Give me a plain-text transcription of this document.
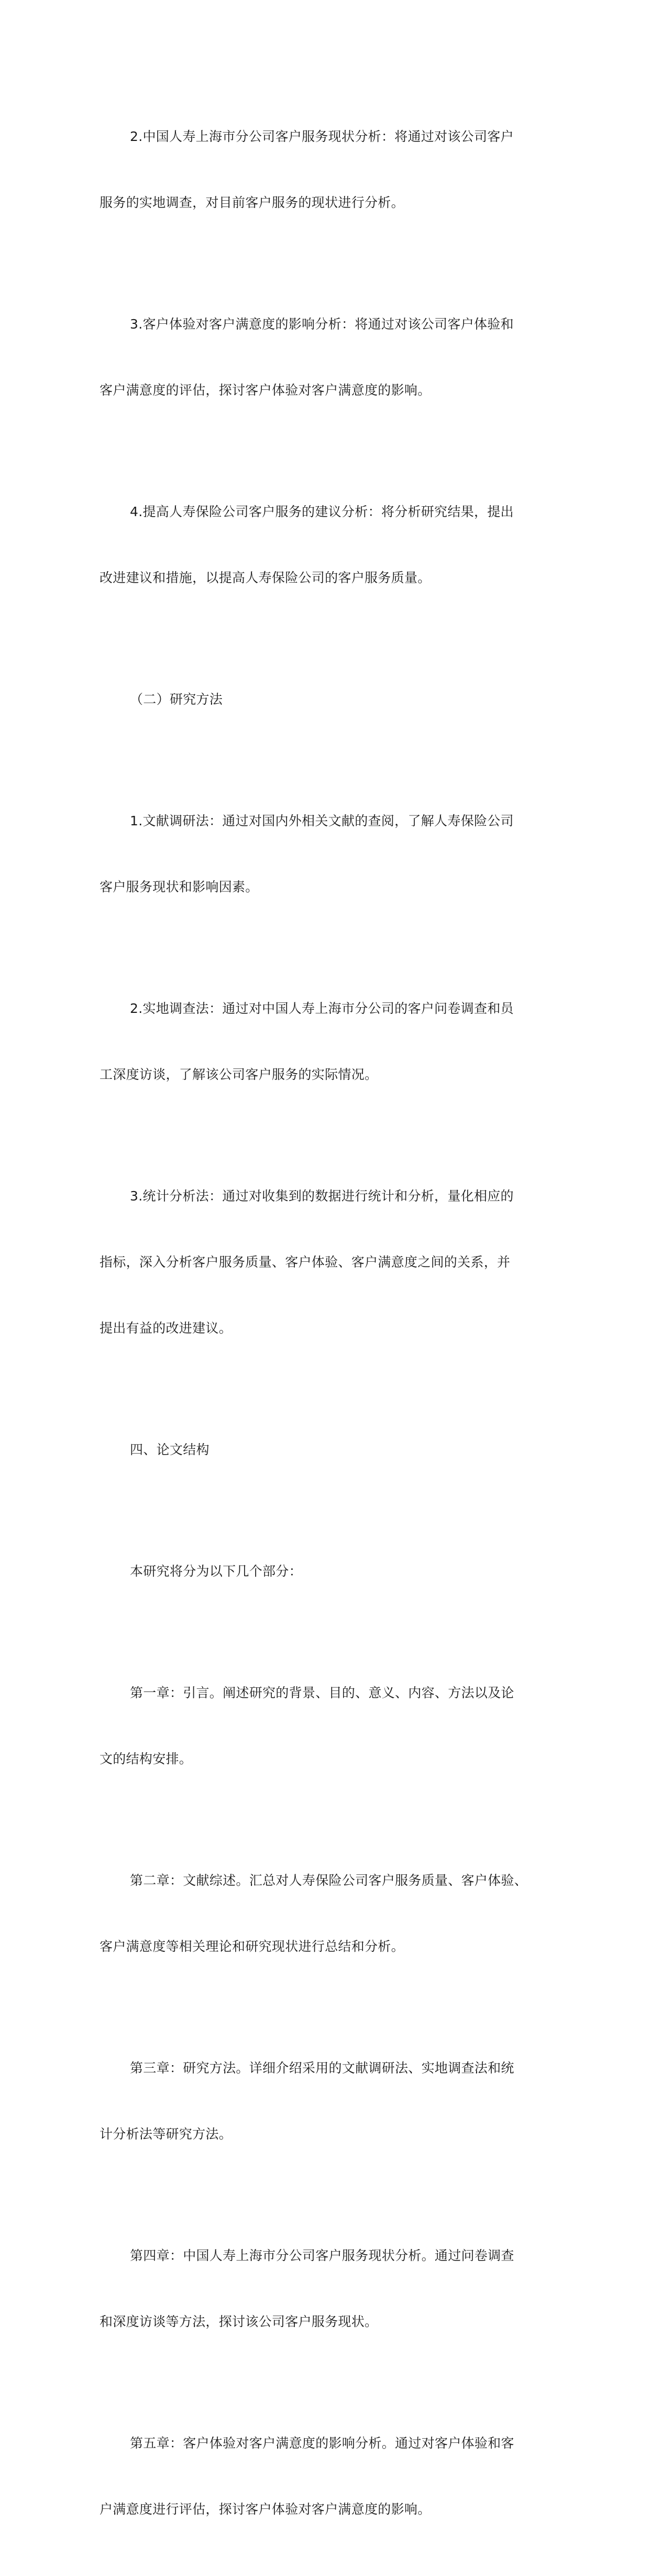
2.中国人寿上海市分公司客户服务现状分析：将通过对该公司客户

服务的实地调查，对目前客户服务的现状进行分析。

3.客户体验对客户满意度的影响分析：将通过对该公司客户体验和

客户满意度的评估，探讨客户体验对客户满意度的影响。

4.提高人寿保险公司客户服务的建议分析：将分析研究结果，提出

改进建议和措施，以提高人寿保险公司的客户服务质量。

（二）研究方法

1.文献调研法：通过对国内外相关文献的查阅，了解人寿保险公司

客户服务现状和影响因素。

2.实地调查法：通过对中国人寿上海市分公司的客户问卷调查和员

工深度访谈，了解该公司客户服务的实际情况。

3.统计分析法：通过对收集到的数据进行统计和分析，量化相应的

指标，深入分析客户服务质量、客户体验、客户满意度之间的关系，并

提出有益的改进建议。

四、论文结构

本研究将分为以下几个部分：

第一章：引言。阐述研究的背景、目的、意义、内容、方法以及论

文的结构安排。

第二章：文献综述。汇总对人寿保险公司客户服务质量、客户体验、

客户满意度等相关理论和研究现状进行总结和分析。

第三章：研究方法。详细介绍采用的文献调研法、实地调查法和统

计分析法等研究方法。

第四章：中国人寿上海市分公司客户服务现状分析。通过问卷调查

和深度访谈等方法，探讨该公司客户服务现状。

第五章：客户体验对客户满意度的影响分析。通过对客户体验和客

户满意度进行评估，探讨客户体验对客户满意度的影响。
